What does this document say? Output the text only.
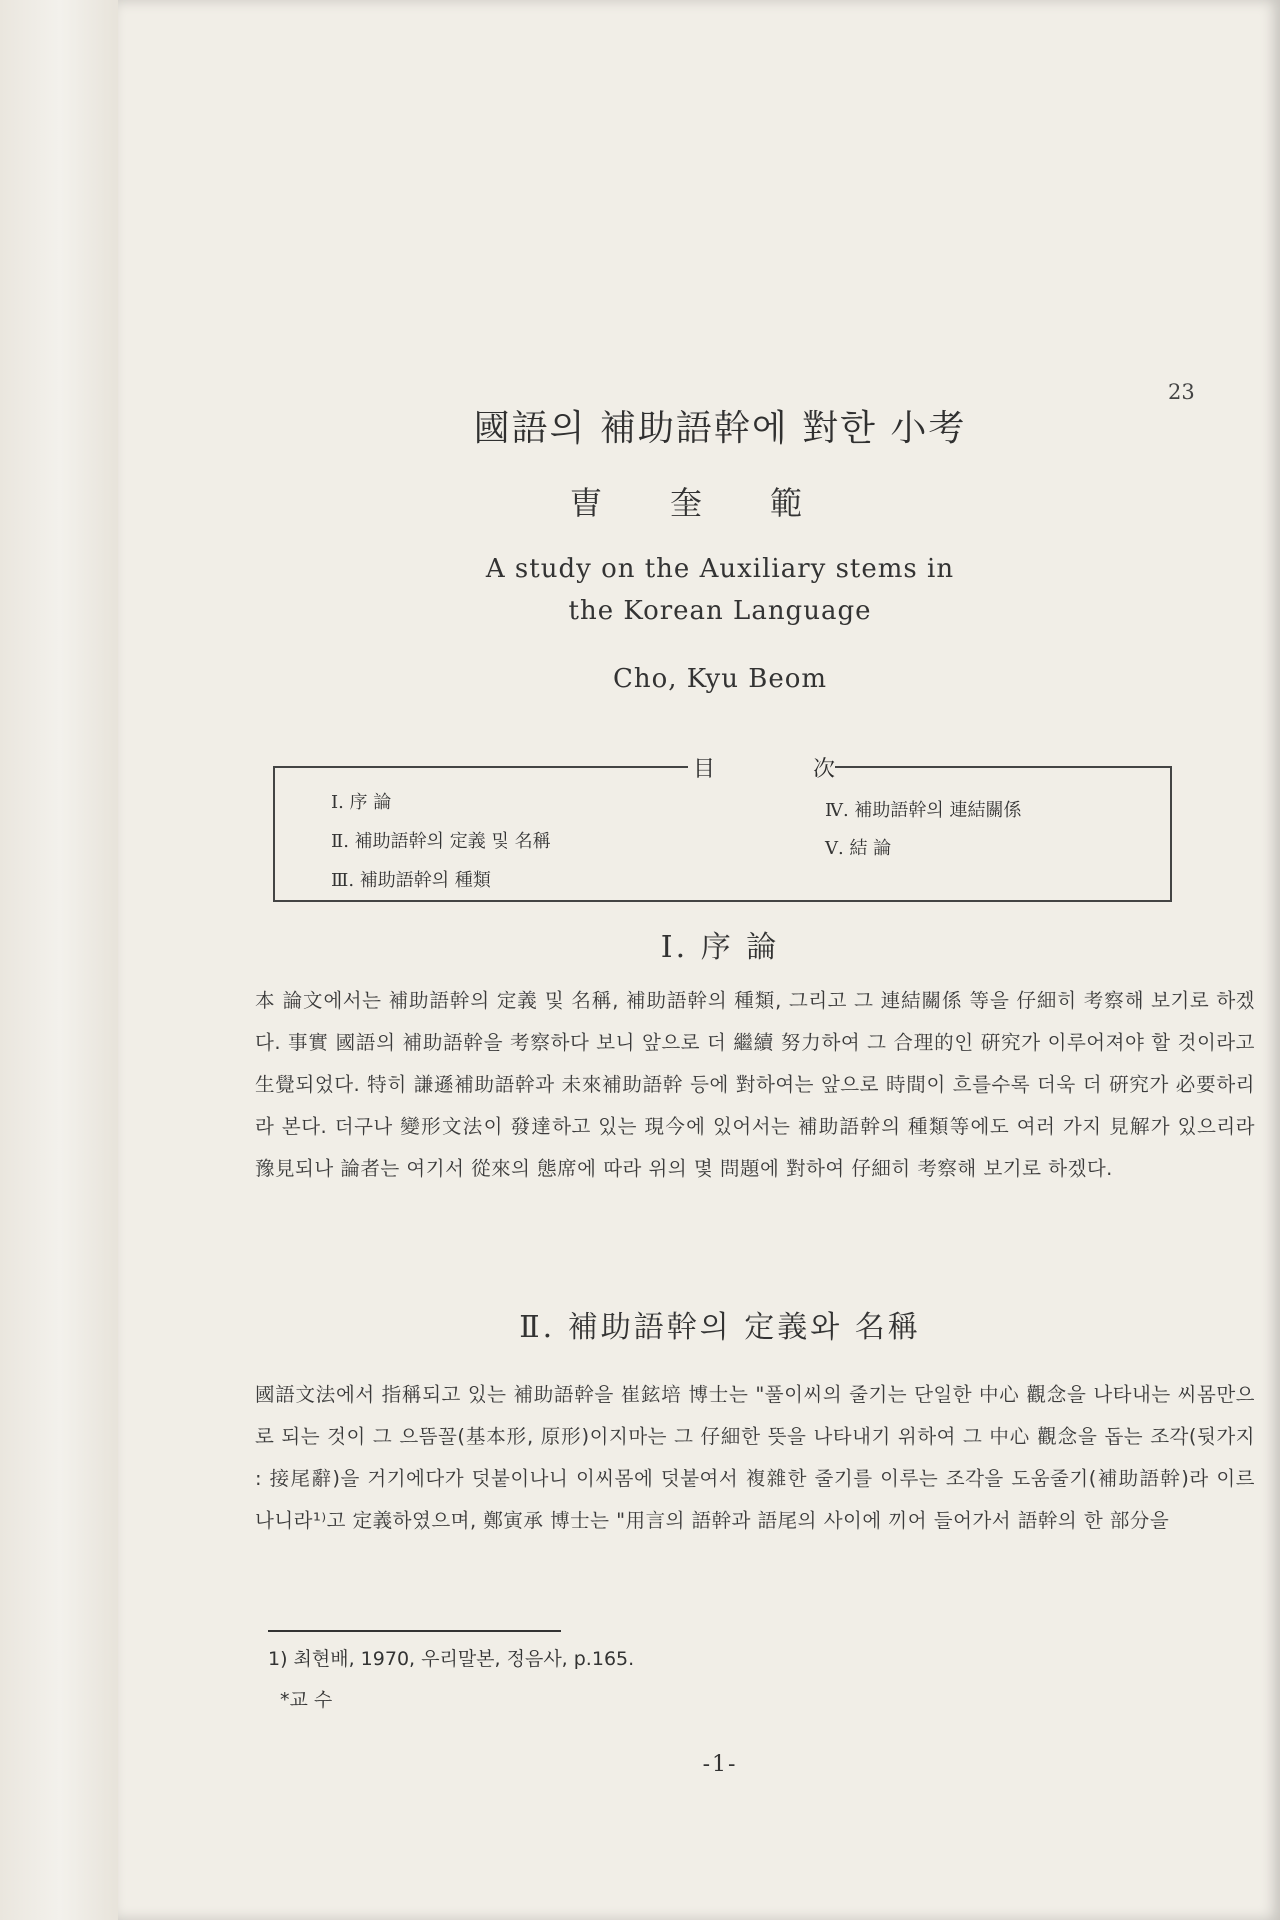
23
國語의 補助語幹에 對한 小考
曺奎範
A study on the Auxiliary stems in
the Korean Language
Cho, Kyu Beom
目	次
Ⅰ. 序 論
Ⅱ. 補助語幹의 定義 및 名稱
Ⅲ. 補助語幹의 種類
Ⅳ. 補助語幹의 連結關係
Ⅴ. 結 論
Ⅰ. 序 論
本 論文에서는 補助語幹의 定義 및 名稱, 補助語幹의 種類, 그리고 그 連結關係 等을 仔細히 考察해 보기로 하겠다. 事實 國語의 補助語幹을 考察하다 보니 앞으로 더 繼續 努力하여 그 合理的인 硏究가 이루어져야 할 것이라고 生覺되었다. 特히 謙遜補助語幹과 未來補助語幹 등에 對하여는 앞으로 時間이 흐를수록 더욱 더 硏究가 必要하리라 본다. 더구나 變形文法이 發達하고 있는 現今에 있어서는 補助語幹의 種類等에도 여러 가지 見解가 있으리라 豫見되나 論者는 여기서 從來의 態席에 따라 위의 몇 問題에 對하여 仔細히 考察해 보기로 하겠다.
Ⅱ. 補助語幹의 定義와 名稱
國語文法에서 指稱되고 있는 補助語幹을 崔鉉培 博士는 "풀이씨의 줄기는 단일한 中心 觀念을 나타내는 씨몸만으로 되는 것이 그 으뜸꼴(基本形, 原形)이지마는 그 仔細한 뜻을 나타내기 위하여 그 中心 觀念을 돕는 조각(뒷가지 : 接尾辭)을 거기에다가 덧붙이나니 이씨몸에 덧붙여서 複雜한 줄기를 이루는 조각을 도움줄기(補助語幹)라 이르나니라¹⁾고 定義하였으며, 鄭寅承 博士는 "用言의 語幹과 語尾의 사이에 끼어 들어가서 語幹의 한 部分을
1) 최현배, 1970, 우리말본, 정음사, p.165.
*교 수
-1-
